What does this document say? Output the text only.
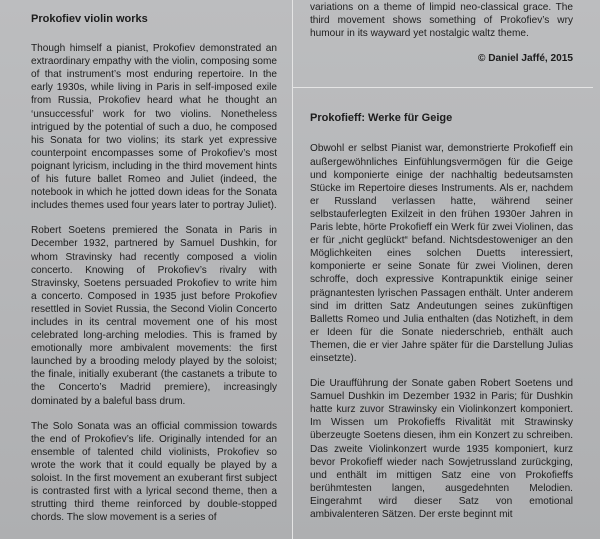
Prokofiev violin works

Though himself a pianist, Prokofiev demonstrated an extraordinary empathy with the violin, composing some of that instrument’s most enduring repertoire. In the early 1930s, while living in Paris in self-imposed exile from Russia, Prokofiev heard what he thought an ‘unsuccessful’ work for two violins. Nonetheless intrigued by the potential of such a duo, he composed his Sonata for two violins; its stark yet expressive counterpoint encompasses some of Prokofiev’s most poignant lyricism, including in the third movement hints of his future ballet Romeo and Juliet (indeed, the notebook in which he jotted down ideas for the Sonata includes themes used four years later to portray Juliet).

Robert Soetens premiered the Sonata in Paris in December 1932, partnered by Samuel Dushkin, for whom Stravinsky had recently composed a violin concerto. Knowing of Prokofiev’s rivalry with Stravinsky, Soetens persuaded Prokofiev to write him a concerto. Composed in 1935 just before Prokofiev resettled in Soviet Russia, the Second Violin Concerto includes in its central movement one of his most celebrated long-arching melodies. This is framed by emotionally more ambivalent movements: the first launched by a brooding melody played by the soloist; the finale, initially exuberant (the castanets a tribute to the Concerto’s Madrid premiere), increasingly dominated by a baleful bass drum.

The Solo Sonata was an official commission towards the end of Prokofiev’s life. Originally intended for an ensemble of talented child violinists, Prokofiev so wrote the work that it could equally be played by a soloist. In the first movement an exuberant first subject is contrasted first with a lyrical second theme, then a strutting third theme reinforced by double-stopped chords. The slow movement is a series of

variations on a theme of limpid neo-classical grace. The third movement shows something of Prokofiev’s wry humour in its wayward yet nostalgic waltz theme.

© Daniel Jaffé, 2015
Prokofieff: Werke für Geige

Obwohl er selbst Pianist war, demonstrierte Prokofieff ein außergewöhnliches Einfühlungsvermögen für die Geige und komponierte einige der nachhaltig bedeutsamsten Stücke im Repertoire dieses Instruments. Als er, nachdem er Russland verlassen hatte, während seiner selbstauferlegten Exilzeit in den frühen 1930er Jahren in Paris lebte, hörte Prokofieff ein Werk für zwei Violinen, das er für „nicht geglückt“ befand. Nichtsdestoweniger an den Möglichkeiten eines solchen Duetts interessiert, komponierte er seine Sonate für zwei Violinen, deren schroffe, doch expressive Kontrapunktik einige seiner prägnantesten lyrischen Passagen enthält. Unter anderem sind im dritten Satz Andeutungen seines zukünftigen Balletts Romeo und Julia enthalten (das Notizheft, in dem er Ideen für die Sonate niederschrieb, enthält auch Themen, die er vier Jahre später für die Darstellung Julias einsetzte).

Die Uraufführung der Sonate gaben Robert Soetens und Samuel Dushkin im Dezember 1932 in Paris; für Dushkin hatte kurz zuvor Strawinsky ein Violinkonzert komponiert. Im Wissen um Prokofieffs Rivalität mit Strawinsky überzeugte Soetens diesen, ihm ein Konzert zu schreiben. Das zweite Violinkonzert wurde 1935 komponiert, kurz bevor Prokofieff wieder nach Sowjetrussland zurückging, und enthält im mittigen Satz eine von Prokofieffs berühmtesten langen, ausgedehnten Melodien. Eingerahmt wird dieser Satz von emotional ambivalenteren Sätzen. Der erste beginnt mit
